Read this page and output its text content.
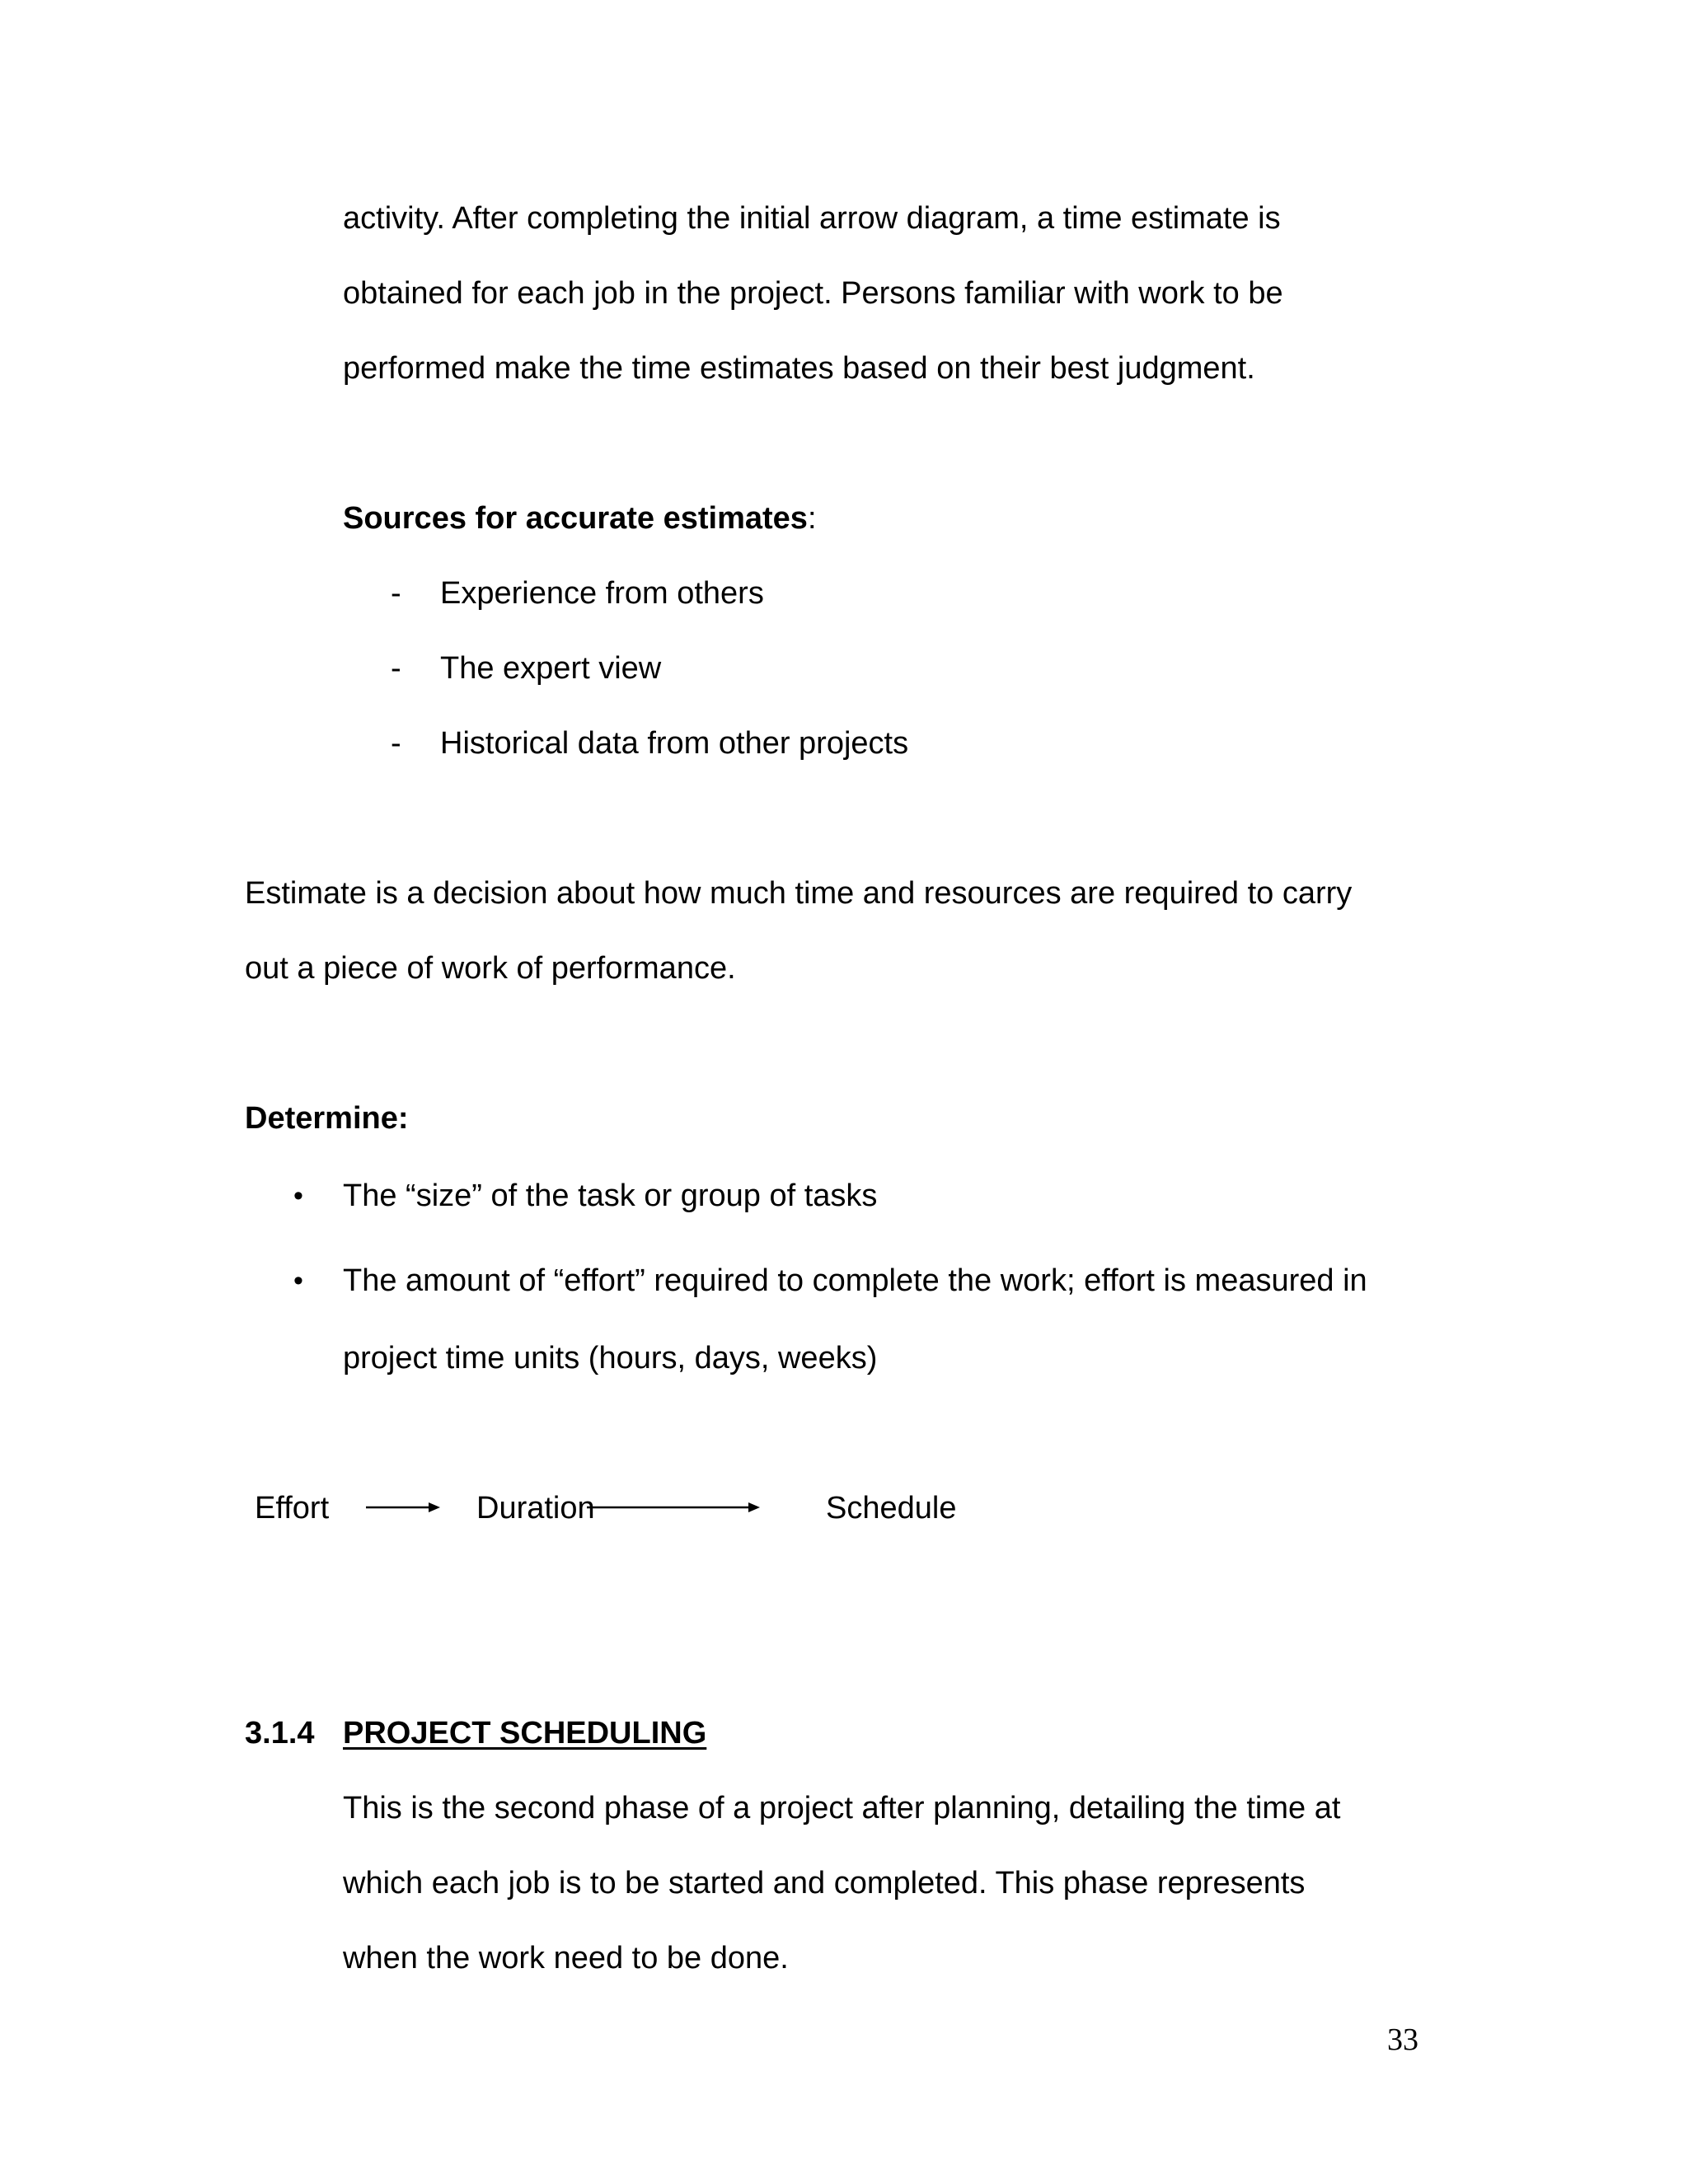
activity. After completing the initial arrow diagram, a time estimate is
obtained for each job in the project. Persons familiar with work to be
performed make the time estimates based on their best judgment.
Sources for accurate estimates:
- Experience from others
- The expert view
- Historical data from other projects
Estimate is a decision about how much time and resources are required to carry
out a piece of work of performance.
Determine:
• The “size” of the task or group of tasks
• The amount of “effort” required to complete the work; effort is measured in
project time units (hours, days, weeks)
Effort	Duration	Schedule
3.1.4 PROJECT SCHEDULING
This is the second phase of a project after planning, detailing the time at
which each job is to be started and completed. This phase represents
when the work need to be done.
33
